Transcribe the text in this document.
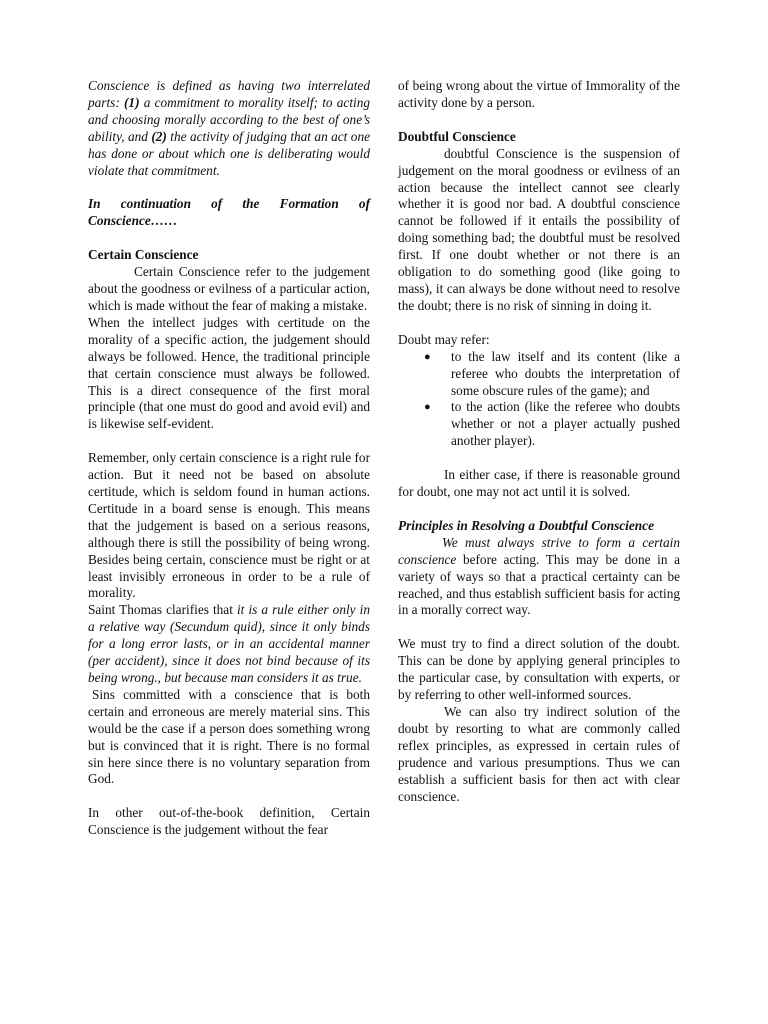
Conscience is defined as having two interrelated parts: (1) a commitment to morality itself; to acting and choosing morally according to the best of one’s ability, and (2) the activity of judging that an act one has done or about which one is deliberating would violate that commitment.

In continuation of the Formation of Conscience……

Certain Conscience

Certain Conscience refer to the judgement about the goodness or evilness of a particular action, which is made without the fear of making a mistake.

When the intellect judges with certitude on the morality of a specific action, the judgement should always be followed. Hence, the traditional principle that certain conscience must always be followed. This is a direct consequence of the first moral principle (that one must do good and avoid evil) and is likewise self-evident.

Remember, only certain conscience is a right rule for action. But it need not be based on absolute certitude, which is seldom found in human actions. Certitude in a board sense is enough. This means that the judgement is based on a serious reasons, although there is still the possibility of being wrong. Besides being certain, conscience must be right or at least invisibly erroneous in order to be a rule of morality.

Saint Thomas clarifies that it is a rule either only in a relative way (Secundum quid), since it only binds for a long error lasts, or in an accidental manner (per accident), since it does not bind because of its being wrong., but because man considers it as true.

Sins committed with a conscience that is both certain and erroneous are merely material sins. This would be the case if a person does something wrong but is convinced that it is right. There is no formal sin here since there is no voluntary separation from God.

In other out-of-the-book definition, Certain Conscience is the judgement without the fear

of being wrong about the virtue of Immorality of the activity done by a person.

Doubtful Conscience

doubtful Conscience is the suspension of judgement on the moral goodness or evilness of an action because the intellect cannot see clearly whether it is good nor bad. A doubtful conscience cannot be followed if it entails the possibility of doing something bad; the doubtful must be resolved first. If one doubt whether or not there is an obligation to do something good (like going to mass), it can always be done without need to resolve the doubt; there is no risk of sinning in doing it.

Doubt may refer:

● to the law itself and its content (like a referee who doubts the interpretation of some obscure rules of the game); and
● to the action (like the referee who doubts whether or not a player actually pushed another player).

In either case, if there is reasonable ground for doubt, one may not act until it is solved.

Principles in Resolving a Doubtful Conscience

We must always strive to form a certain conscience before acting. This may be done in a variety of ways so that a practical certainty can be reached, and thus establish sufficient basis for acting in a morally correct way.

We must try to find a direct solution of the doubt. This can be done by applying general principles to the particular case, by consultation with experts, or by referring to other well-informed sources.

We can also try indirect solution of the doubt by resorting to what are commonly called reflex principles, as expressed in certain rules of prudence and various presumptions. Thus we can establish a sufficient basis for then act with clear conscience.
